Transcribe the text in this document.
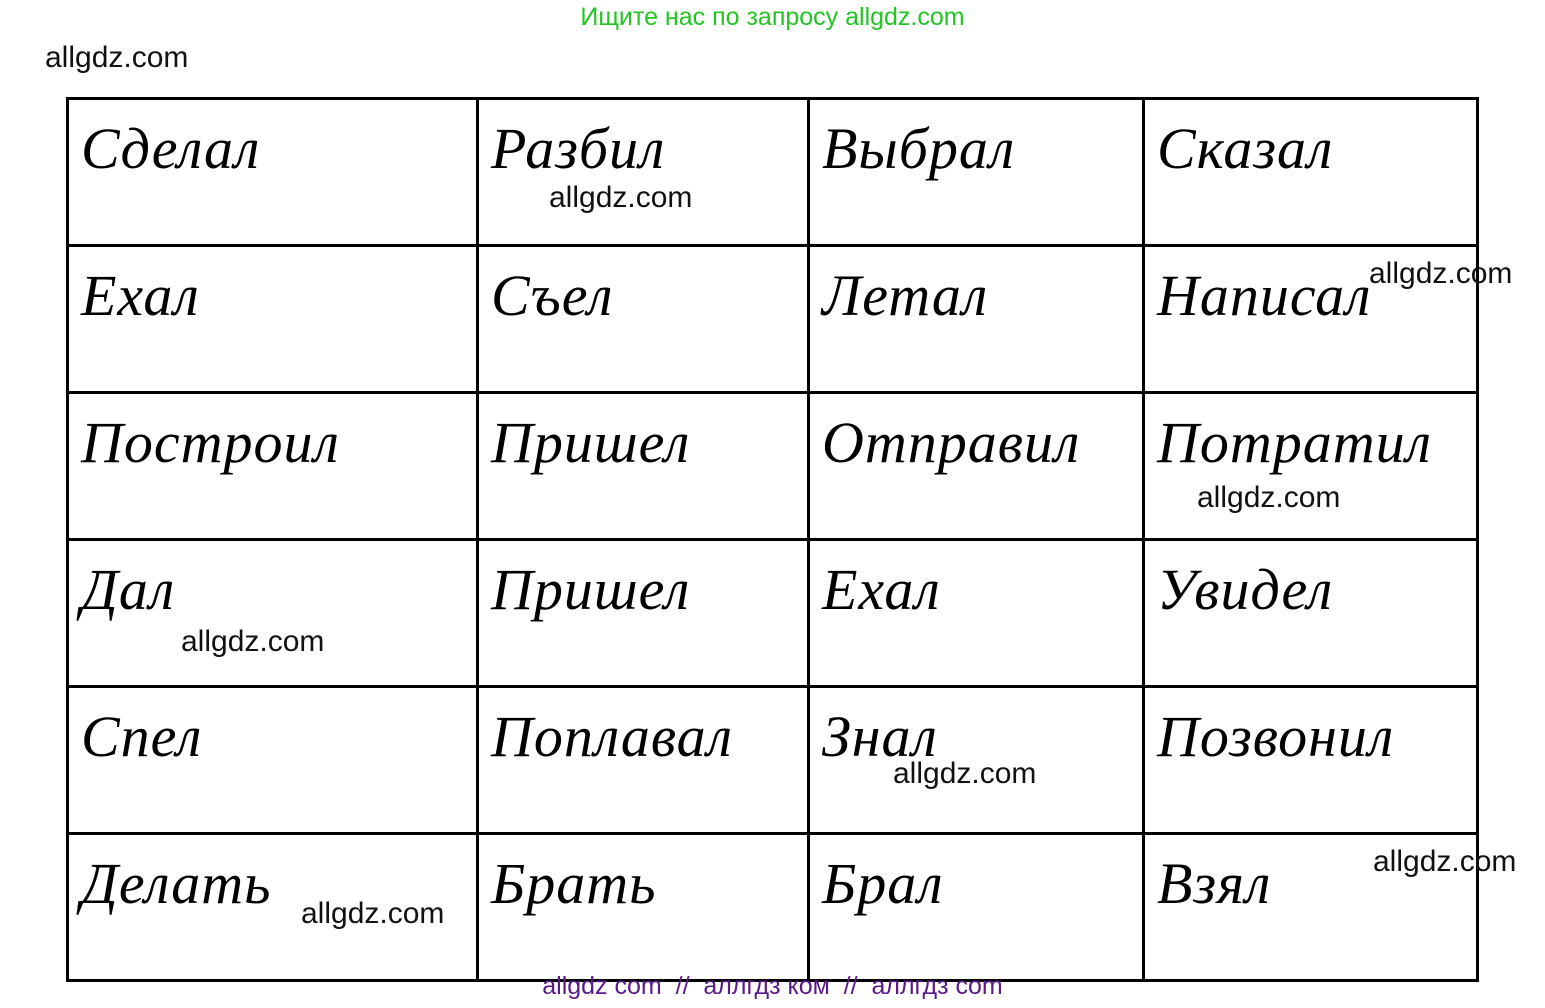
Ищите нас по запросу allgdz.com
Сделал	Разбил	Выбрал	Сказал

Ехал	Съел	Летал	Написал

Построил	Пришел	Отправил	Потратил

Дал	Пришел	Ехал	Увидел

Спел	Поплавал	Знал	Позвонил

Делать	Брать	Брал	Взял
allgdz.com
allgdz.com
allgdz.com
allgdz.com
allgdz.com
allgdz.com
allgdz.com
allgdz.com
allgdz com  //  аллгдз ком  //  аллгдз com
